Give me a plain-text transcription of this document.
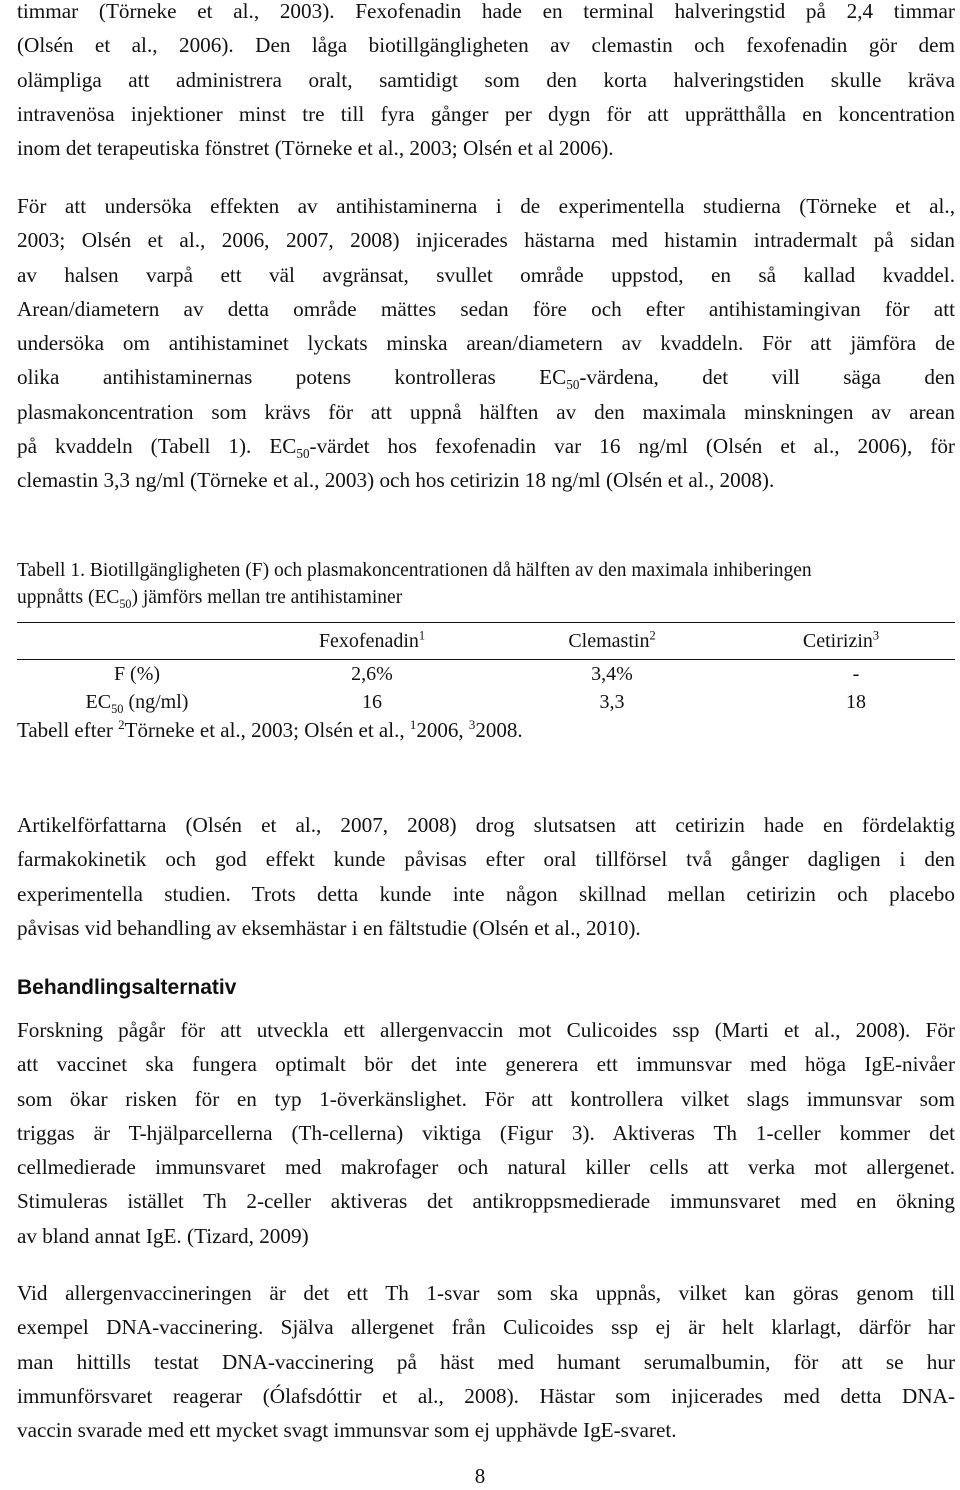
timmar (Törneke et al., 2003). Fexofenadin hade en terminal halveringstid på 2,4 timmar
(Olsén et al., 2006). Den låga biotillgängligheten av clemastin och fexofenadin gör dem
olämpliga att administrera oralt, samtidigt som den korta halveringstiden skulle kräva
intravenösa injektioner minst tre till fyra gånger per dygn för att upprätthålla en koncentration
inom det terapeutiska fönstret (Törneke et al., 2003; Olsén et al 2006).
För att undersöka effekten av antihistaminerna i de experimentella studierna (Törneke et al.,
2003; Olsén et al., 2006, 2007, 2008) injicerades hästarna med histamin intradermalt på sidan
av halsen varpå ett väl avgränsat, svullet område uppstod, en så kallad kvaddel.
Arean/diametern av detta område mättes sedan före och efter antihistamingivan för att
undersöka om antihistaminet lyckats minska arean/diametern av kvaddeln. För att jämföra de
olika antihistaminernas potens kontrolleras $EC_{50}$-värdena, det vill säga den
plasmakoncentration som krävs för att uppnå hälften av den maximala minskningen av arean
på kvaddeln (Tabell 1). $EC_{50}$-värdet hos fexofenadin var 16 ng/ml (Olsén et al., 2006), för
clemastin 3,3 ng/ml (Törneke et al., 2003) och hos cetirizin 18 ng/ml (Olsén et al., 2008).

Tabell 1. Biotillgängligheten (F) och plasmakoncentrationen då hälften av den maximala inhiberingen

uppnåtts $(EC_{50})$ jämförs mellan tre antihistaminer

	Fexofenadin$^1$	Clemastin$^2$	Cetirizin$^3$
F (%)	2,6%	3,4%	-
$EC_{50}$ (ng/ml)	16	3,3	18
Tabell efter $^2$Törneke et al., 2003; Olsén et al., $^1$2006, $^3$2008.
Artikelförfattarna (Olsén et al., 2007, 2008) drog slutsatsen att cetirizin hade en fördelaktig
farmakokinetik och god effekt kunde påvisas efter oral tillförsel två gånger dagligen i den
experimentella studien. Trots detta kunde inte någon skillnad mellan cetirizin och placebo
påvisas vid behandling av eksemhästar i en fältstudie (Olsén et al., 2010).
Behandlingsalternativ
Forskning pågår för att utveckla ett allergenvaccin mot Culicoides ssp (Marti et al., 2008). För
att vaccinet ska fungera optimalt bör det inte generera ett immunsvar med höga IgE-nivåer
som ökar risken för en typ 1-överkänslighet. För att kontrollera vilket slags immunsvar som
triggas är T-hjälparcellerna (Th-cellerna) viktiga (Figur 3). Aktiveras Th 1-celler kommer det
cellmedierade immunsvaret med makrofager och natural killer cells att verka mot allergenet.
Stimuleras istället Th 2-celler aktiveras det antikroppsmedierade immunsvaret med en ökning
av bland annat IgE. (Tizard, 2009)
Vid allergenvaccineringen är det ett Th 1-svar som ska uppnås, vilket kan göras genom till
exempel DNA-vaccinering. Själva allergenet från Culicoides ssp ej är helt klarlagt, därför har
man hittills testat DNA-vaccinering på häst med humant serumalbumin, för att se hur
immunförsvaret reagerar (Ólafsdóttir et al., 2008). Hästar som injicerades med detta DNA-
vaccin svarade med ett mycket svagt immunsvar som ej upphävde IgE-svaret.
8
